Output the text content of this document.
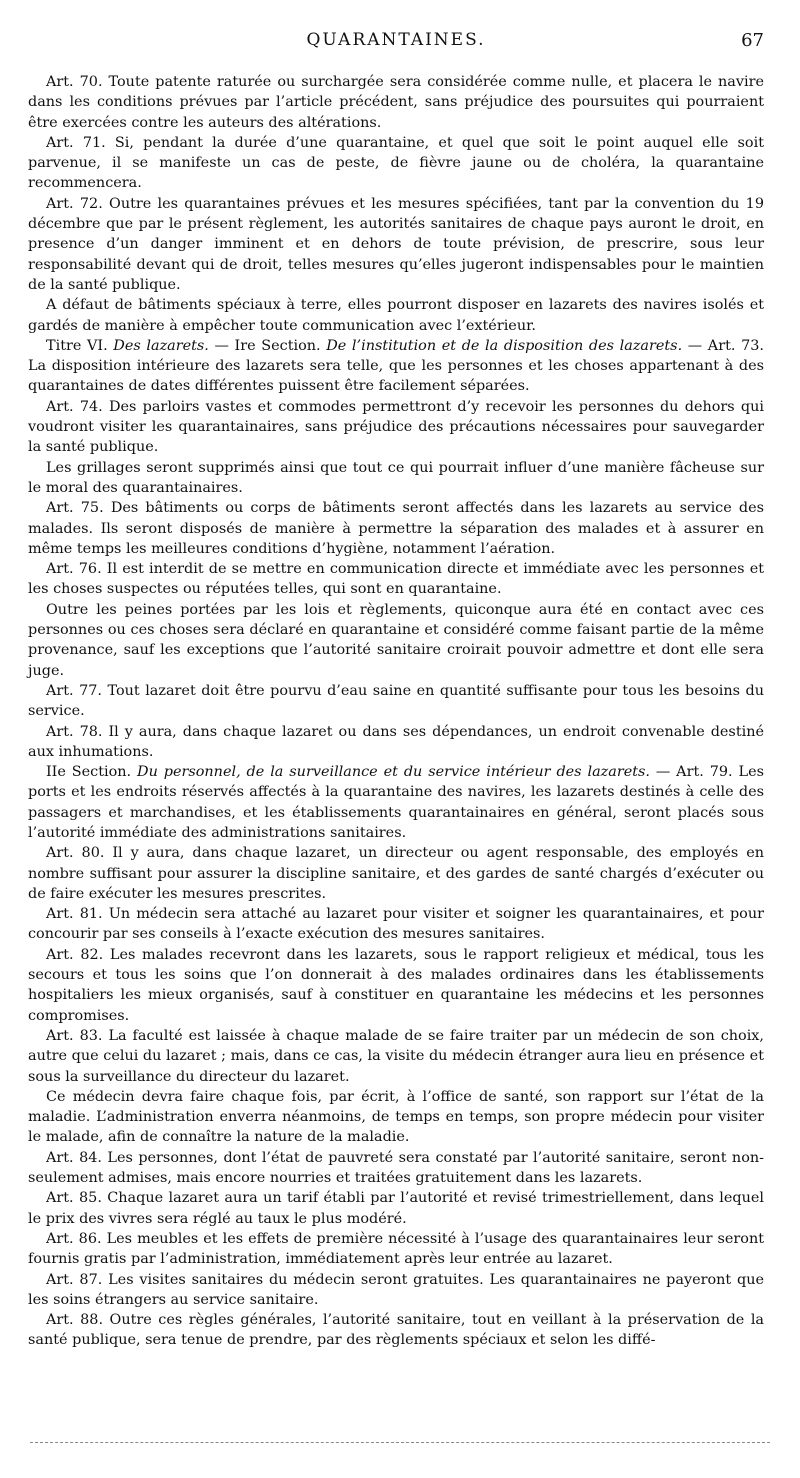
QUARANTAINES.	67

Art. 70. Toute patente raturée ou surchargée sera considérée comme nulle, et placera le navire dans les conditions prévues par l’article précédent, sans préjudice des poursuites qui pourraient être exercées contre les auteurs des altérations.

Art. 71. Si, pendant la durée d’une quarantaine, et quel que soit le point auquel elle soit parvenue, il se manifeste un cas de peste, de fièvre jaune ou de choléra, la quarantaine recommencera.

Art. 72. Outre les quarantaines prévues et les mesures spécifiées, tant par la convention du 19 décembre que par le présent règlement, les autorités sanitaires de chaque pays auront le droit, en presence d’un danger imminent et en dehors de toute prévision, de prescrire, sous leur responsabilité devant qui de droit, telles mesures qu’elles jugeront indispensables pour le maintien de la santé publique.

A défaut de bâtiments spéciaux à terre, elles pourront disposer en lazarets des navires isolés et gardés de manière à empêcher toute communication avec l’extérieur.

Titre VI. Des lazarets. — Ire Section. De l’institution et de la disposition des lazarets. — Art. 73. La disposition intérieure des lazarets sera telle, que les personnes et les choses appartenant à des quarantaines de dates différentes puissent être facilement séparées.

Art. 74. Des parloirs vastes et commodes permettront d’y recevoir les personnes du dehors qui voudront visiter les quarantainaires, sans préjudice des précautions nécessaires pour sauvegarder la santé publique.

Les grillages seront supprimés ainsi que tout ce qui pourrait influer d’une manière fâcheuse sur le moral des quarantainaires.

Art. 75. Des bâtiments ou corps de bâtiments seront affectés dans les lazarets au service des malades. Ils seront disposés de manière à permettre la séparation des malades et à assurer en même temps les meilleures conditions d’hygiène, notamment l’aération.

Art. 76. Il est interdit de se mettre en communication directe et immédiate avec les personnes et les choses suspectes ou réputées telles, qui sont en quarantaine.

Outre les peines portées par les lois et règlements, quiconque aura été en contact avec ces personnes ou ces choses sera déclaré en quarantaine et considéré comme faisant partie de la même provenance, sauf les exceptions que l’autorité sanitaire croirait pouvoir admettre et dont elle sera juge.

Art. 77. Tout lazaret doit être pourvu d’eau saine en quantité suffisante pour tous les besoins du service.

Art. 78. Il y aura, dans chaque lazaret ou dans ses dépendances, un endroit convenable destiné aux inhumations.

IIe Section. Du personnel, de la surveillance et du service intérieur des lazarets. — Art. 79. Les ports et les endroits réservés affectés à la quarantaine des navires, les lazarets destinés à celle des passagers et marchandises, et les établissements quarantainaires en général, seront placés sous l’autorité immédiate des administrations sanitaires.

Art. 80. Il y aura, dans chaque lazaret, un directeur ou agent responsable, des employés en nombre suffisant pour assurer la discipline sanitaire, et des gardes de santé chargés d’exécuter ou de faire exécuter les mesures prescrites.

Art. 81. Un médecin sera attaché au lazaret pour visiter et soigner les quarantainaires, et pour concourir par ses conseils à l’exacte exécution des mesures sanitaires.

Art. 82. Les malades recevront dans les lazarets, sous le rapport religieux et médical, tous les secours et tous les soins que l’on donnerait à des malades ordinaires dans les établissements hospitaliers les mieux organisés, sauf à constituer en quarantaine les médecins et les personnes compromises.

Art. 83. La faculté est laissée à chaque malade de se faire traiter par un médecin de son choix, autre que celui du lazaret ; mais, dans ce cas, la visite du médecin étranger aura lieu en présence et sous la surveillance du directeur du lazaret.

Ce médecin devra faire chaque fois, par écrit, à l’office de santé, son rapport sur l’état de la maladie. L’administration enverra néanmoins, de temps en temps, son propre médecin pour visiter le malade, afin de connaître la nature de la maladie.

Art. 84. Les personnes, dont l’état de pauvreté sera constaté par l’autorité sanitaire, seront non-seulement admises, mais encore nourries et traitées gratuitement dans les lazarets.

Art. 85. Chaque lazaret aura un tarif établi par l’autorité et revisé trimestriellement, dans lequel le prix des vivres sera réglé au taux le plus modéré.

Art. 86. Les meubles et les effets de première nécessité à l’usage des quarantainaires leur seront fournis gratis par l’administration, immédiatement après leur entrée au lazaret.

Art. 87. Les visites sanitaires du médecin seront gratuites. Les quarantainaires ne payeront que les soins étrangers au service sanitaire.

Art. 88. Outre ces règles générales, l’autorité sanitaire, tout en veillant à la préservation de la santé publique, sera tenue de prendre, par des règlements spéciaux et selon les diffé-
